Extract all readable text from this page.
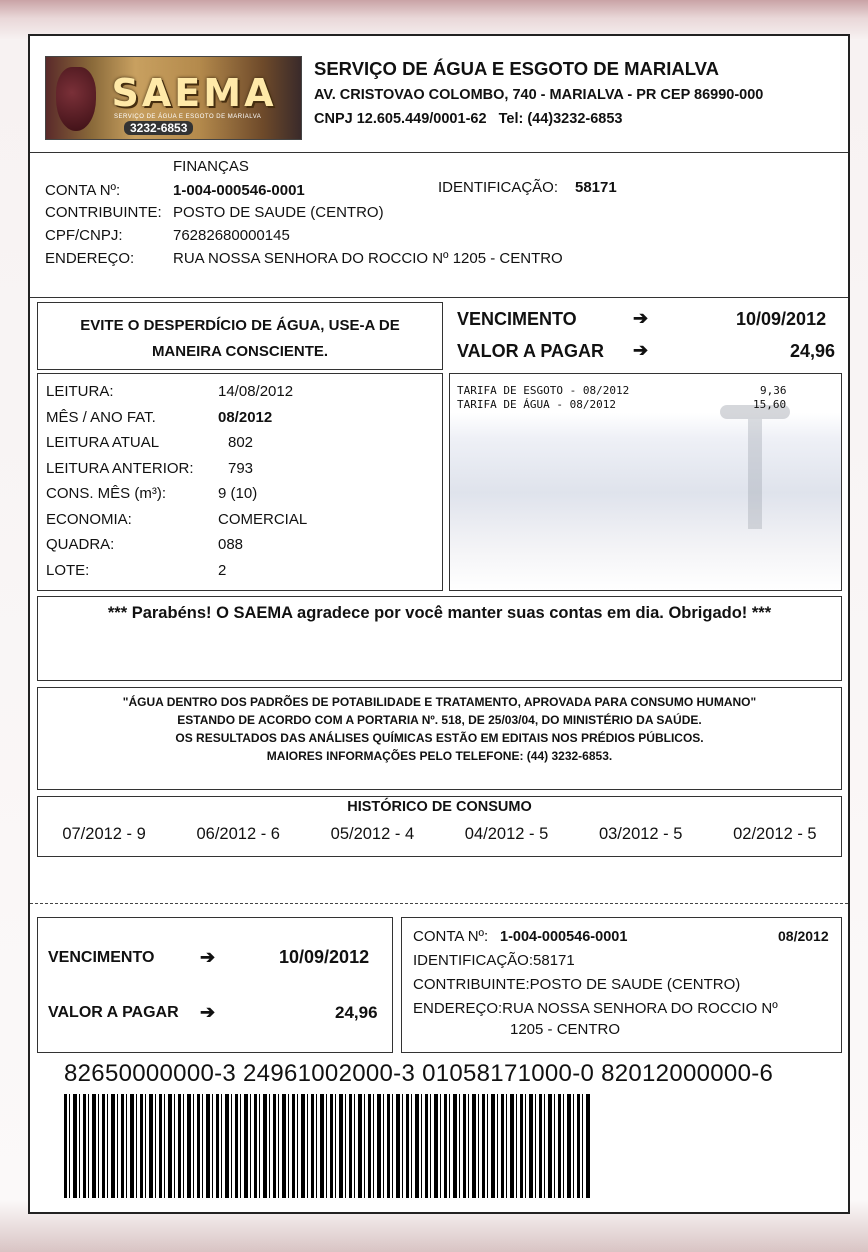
SAEMA
SERVIÇO DE ÁGUA E ESGOTO DE MARIALVA
3232-6853
SERVIÇO DE ÁGUA E ESGOTO DE MARIALVA
AV. CRISTOVAO COLOMBO, 740 - MARIALVA - PR CEP 86990-000
CNPJ 12.605.449/0001-62   Tel: (44)3232-6853
FINANÇAS
CONTA Nº:	1-004-000546-0001	IDENTIFICAÇÃO: 58171
CONTRIBUINTE: POSTO DE SAUDE (CENTRO)
CPF/CNPJ:	76282680000145
ENDEREÇO:	RUA NOSSA SENHORA DO ROCCIO Nº 1205 - CENTRO
EVITE O DESPERDÍCIO DE ÁGUA, USE-A DE
MANEIRA CONSCIENTE.
VENCIMENTO	➔	10/09/2012
VALOR A PAGAR ➔	24,96
LEITURA:	14/08/2012
MÊS / ANO FAT.	08/2012
LEITURA ATUAL	802
LEITURA ANTERIOR: 793
CONS. MÊS (m³):	9 (10)
ECONOMIA:	COMERCIAL
QUADRA:	088
LOTE:	2
TARIFA DE ESGOTO - 08/2012	9,36
TARIFA DE ÁGUA - 08/2012	15,60
*** Parabéns! O SAEMA agradece por você manter suas contas em dia. Obrigado! ***
"ÁGUA DENTRO DOS PADRÕES DE POTABILIDADE E TRATAMENTO, APROVADA PARA CONSUMO HUMANO"
ESTANDO DE ACORDO COM A PORTARIA Nº. 518, DE 25/03/04, DO MINISTÉRIO DA SAÚDE.
OS RESULTADOS DAS ANÁLISES QUÍMICAS ESTÃO EM EDITAIS NOS PRÉDIOS PÚBLICOS.
MAIORES INFORMAÇÕES PELO TELEFONE: (44) 3232-6853.
HISTÓRICO DE CONSUMO
07/2012 - 9	06/2012 - 6	05/2012 - 4	04/2012 - 5	03/2012 - 5	02/2012 - 5
VENCIMENTO	➔	10/09/2012
VALOR A PAGAR ➔	24,96
CONTA Nº: 1-004-000546-0001	08/2012
IDENTIFICAÇÃO:58171
CONTRIBUINTE:POSTO DE SAUDE (CENTRO)
ENDEREÇO:RUA NOSSA SENHORA DO ROCCIO Nº
1205 - CENTRO
82650000000-3 24961002000-3 01058171000-0 82012000000-6
